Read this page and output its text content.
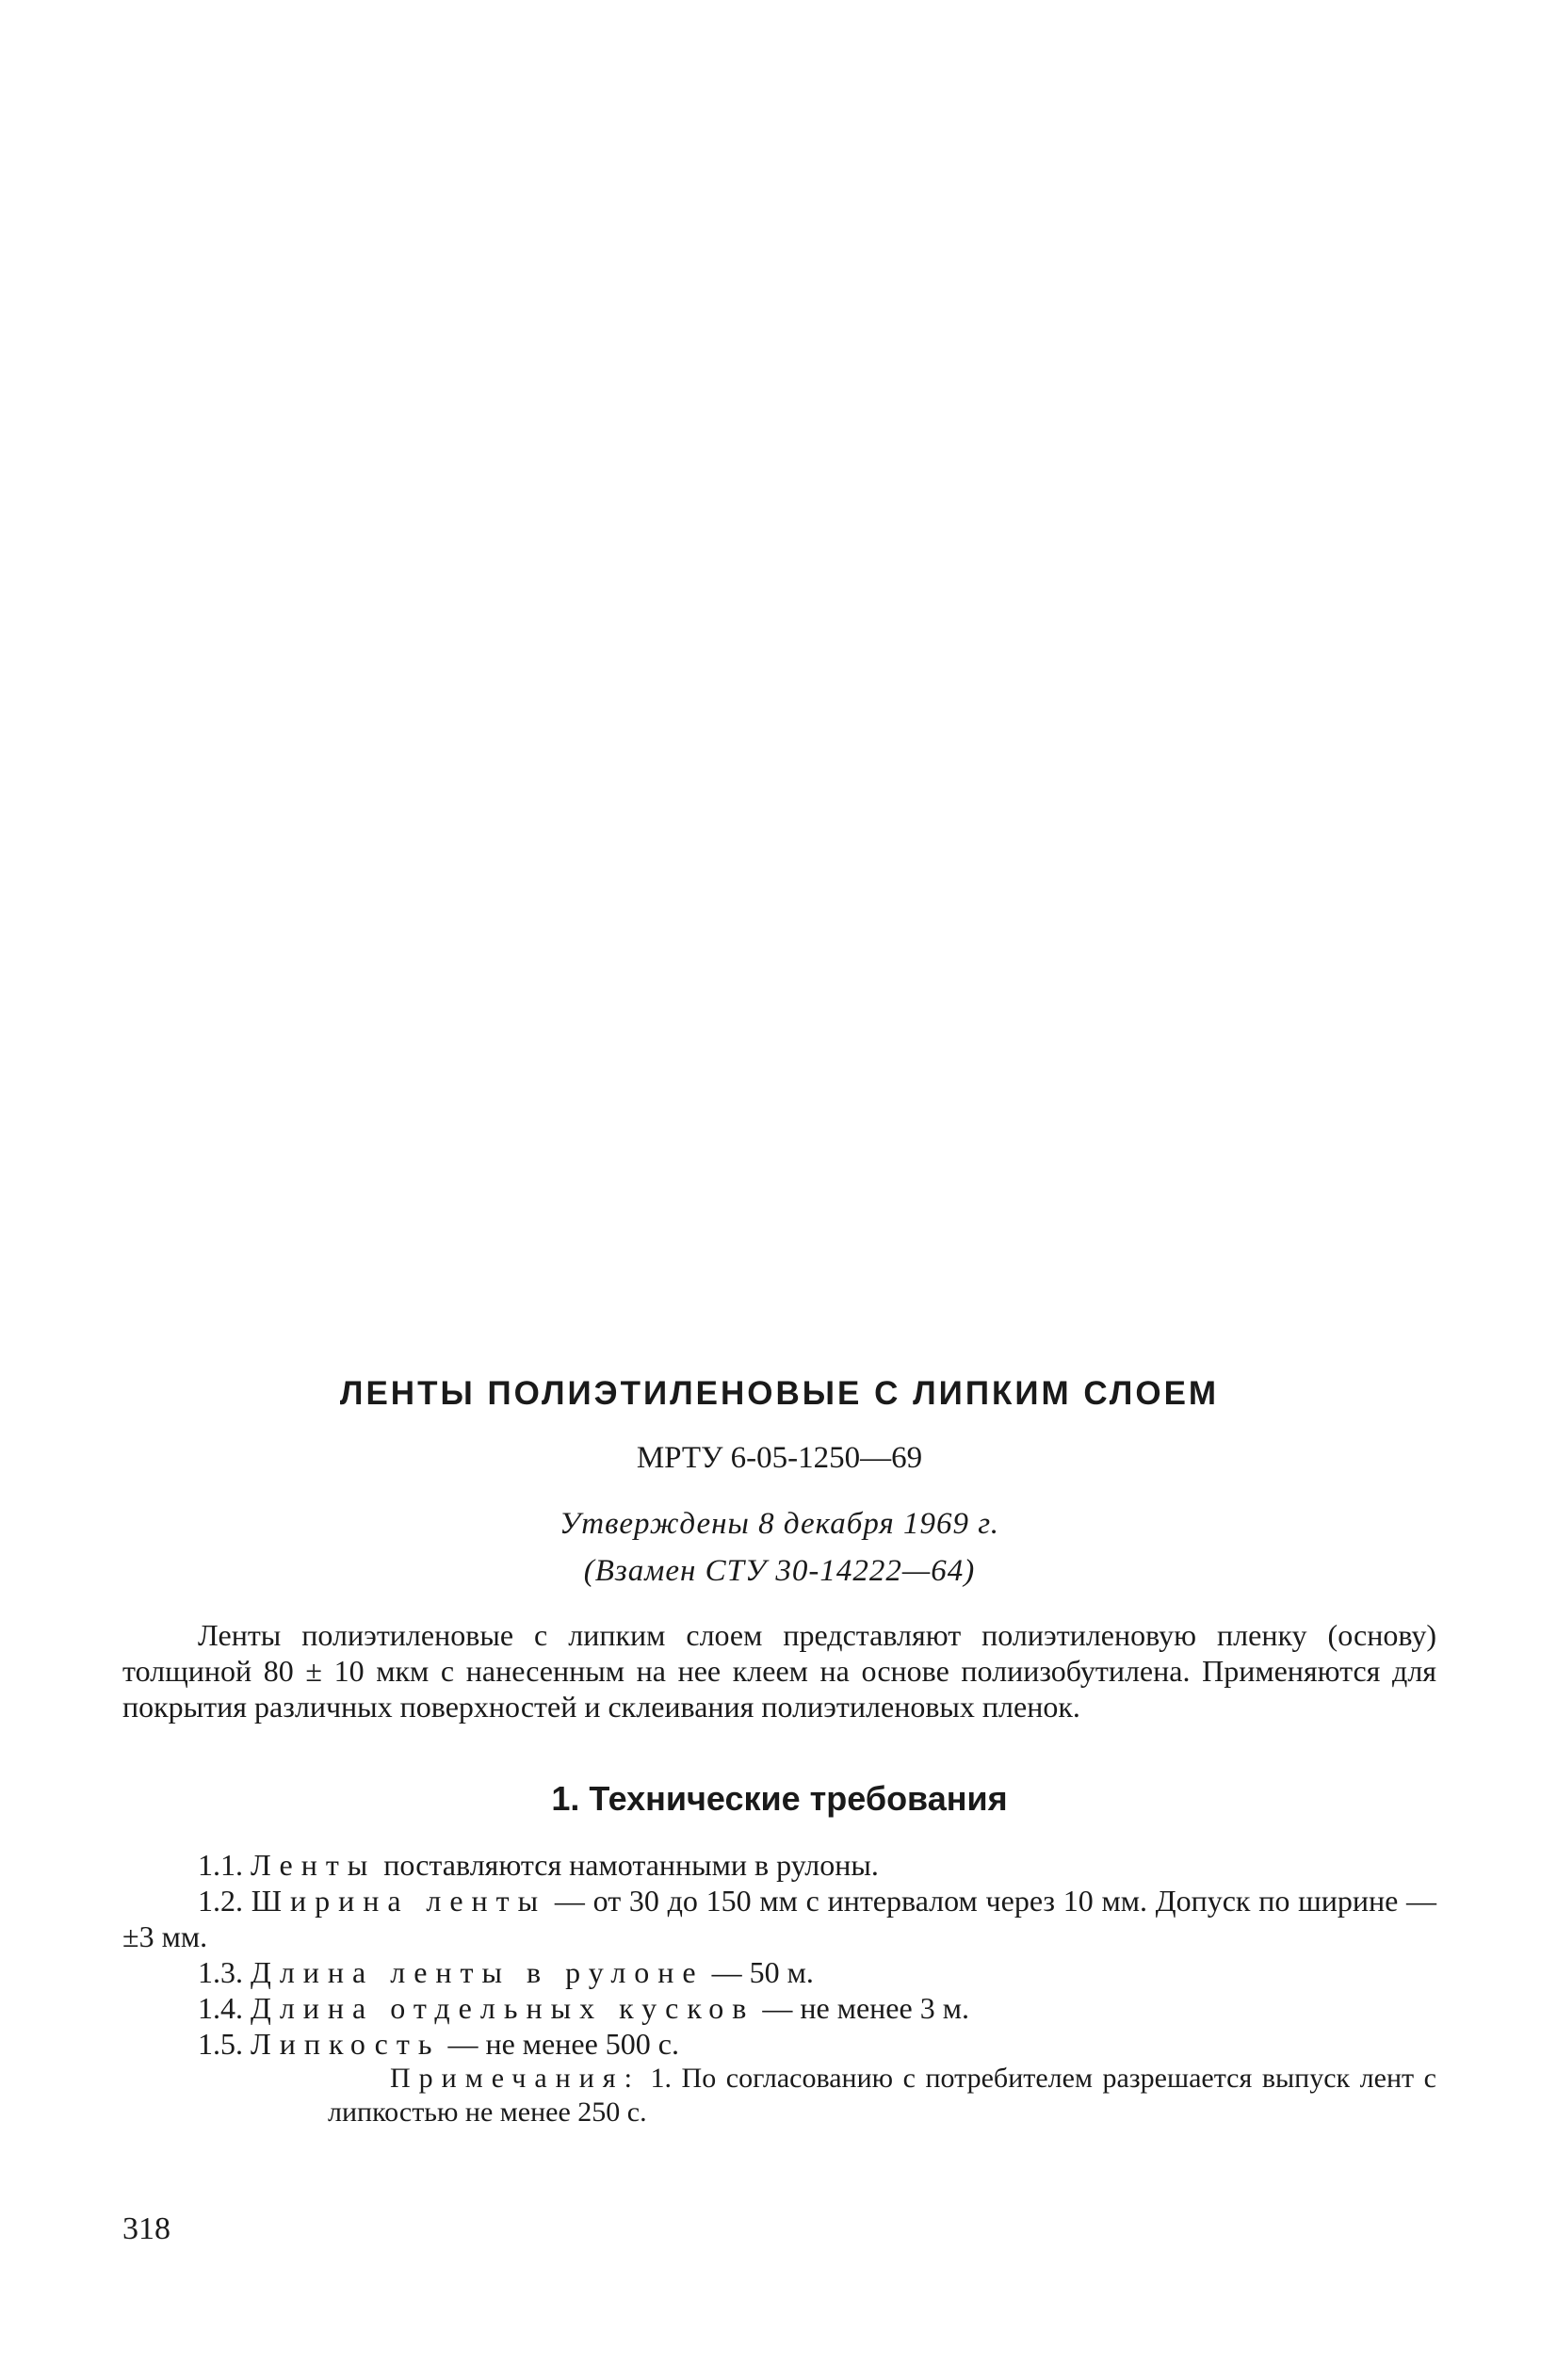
ЛЕНТЫ ПОЛИЭТИЛЕНОВЫЕ С ЛИПКИМ СЛОЕМ

МРТУ 6-05-1250—69

Утверждены 8 декабря 1969 г.

(Взамен СТУ 30-14222—64)

Ленты полиэтиленовые с липким слоем представляют полиэтиленовую пленку (основу) толщиной 80 ± 10 мкм с нанесенным на нее клеем на основе полиизобутилена. Применяются для покрытия различных поверхностей и склеивания полиэтиленовых пленок.

1. Технические требования

1.1. Ленты поставляются намотанными в рулоны.

1.2. Ширина ленты — от 30 до 150 мм с интервалом через 10 мм. Допуск по ширине — ±3 мм.

1.3. Длина ленты в рулоне — 50 м.

1.4. Длина отдельных кусков — не менее 3 м.

1.5. Липкость — не менее 500 с.

Примечания: 1. По согласованию с потребителем разрешается выпуск лент с липкостью не менее 250 с.

318
